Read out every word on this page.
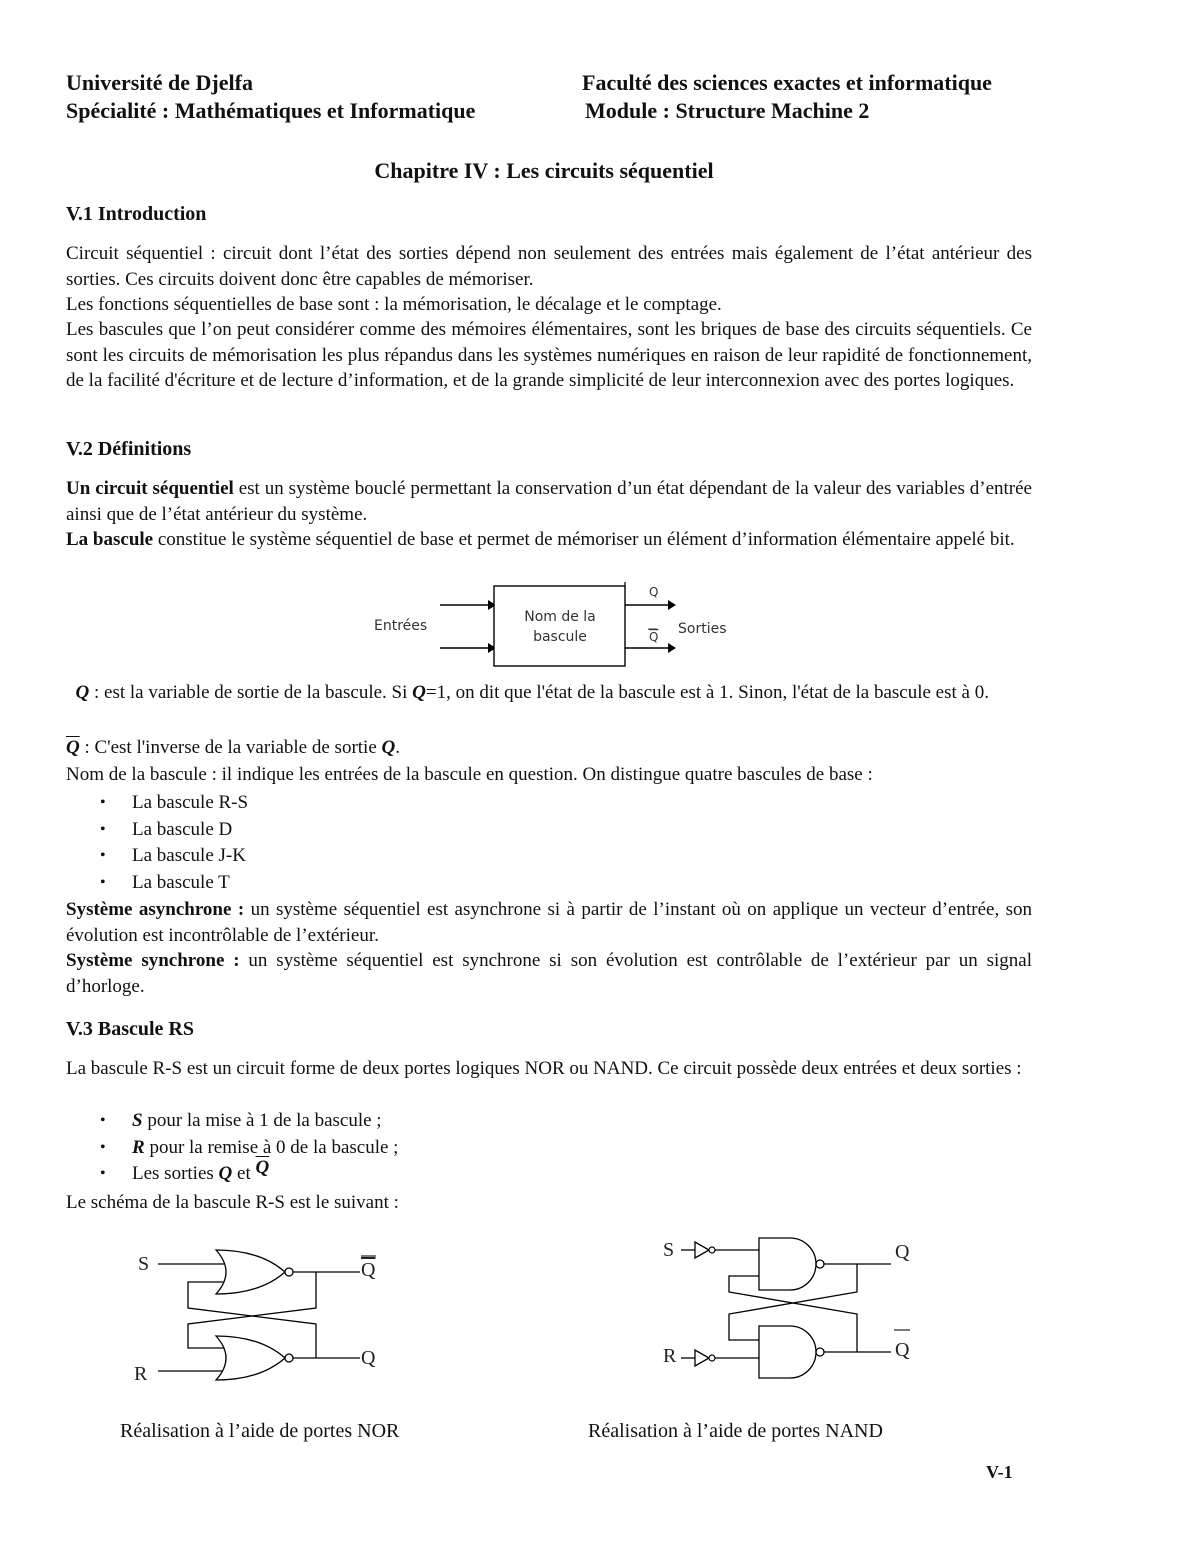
Université de Djelfa	Faculté des sciences exactes et informatique
Spécialité : Mathématiques et Informatique	Module : Structure Machine 2
Chapitre IV : Les circuits séquentiel
V.1 Introduction
Circuit séquentiel : circuit dont l’état des sorties dépend non seulement des entrées mais également de l’état antérieur des sorties. Ces circuits doivent donc être capables de mémoriser.
Les fonctions séquentielles de base sont : la mémorisation, le décalage et le comptage.
Les bascules que l’on peut considérer comme des mémoires élémentaires, sont les briques de base des circuits séquentiels. Ce sont les circuits de mémorisation les plus répandus dans les systèmes numériques en raison de leur rapidité de fonctionnement, de la facilité d'écriture et de lecture d’information, et de la grande simplicité de leur interconnexion avec des portes logiques.
V.2 Définitions
Un circuit séquentiel est un système bouclé permettant la conservation d’un état dépendant de la valeur des variables d’entrée ainsi que de l’état antérieur du système.
La bascule constitue le système séquentiel de base et permet de mémoriser un élément d’information élémentaire appelé bit.
Entrées
Nom de la
bascule
Q
Q Sorties
Q : est la variable de sortie de la bascule. Si Q=1, on dit que l'état de la bascule est à 1. Sinon, l'état de la bascule est à 0.
$\overline{Q}$ : C'est l'inverse de la variable de sortie Q.
Nom de la bascule : il indique les entrées de la bascule en question. On distingue quatre bascules de base :
• La bascule R-S
• La bascule D
• La bascule J-K
• La bascule T
Système asynchrone : un système séquentiel est asynchrone si à partir de l’instant où on applique un vecteur d’entrée, son évolution est incontrôlable de l’extérieur.
Système synchrone : un système séquentiel est synchrone si son évolution est contrôlable de l’extérieur par un signal d’horloge.
V.3 Bascule RS
La bascule R-S est un circuit forme de deux portes logiques NOR ou NAND. Ce circuit possède deux entrées et deux sorties :
• S pour la mise à 1 de la bascule ;
• R pour la remise à 0 de la bascule ;
• Les sorties Q et $\overline{Q}$
Le schéma de la bascule R-S est le suivant :
S
R
Q
Q
Réalisation à l’aide de portes NOR
S
R
Q
Q
Réalisation à l’aide de portes NAND
V-1
